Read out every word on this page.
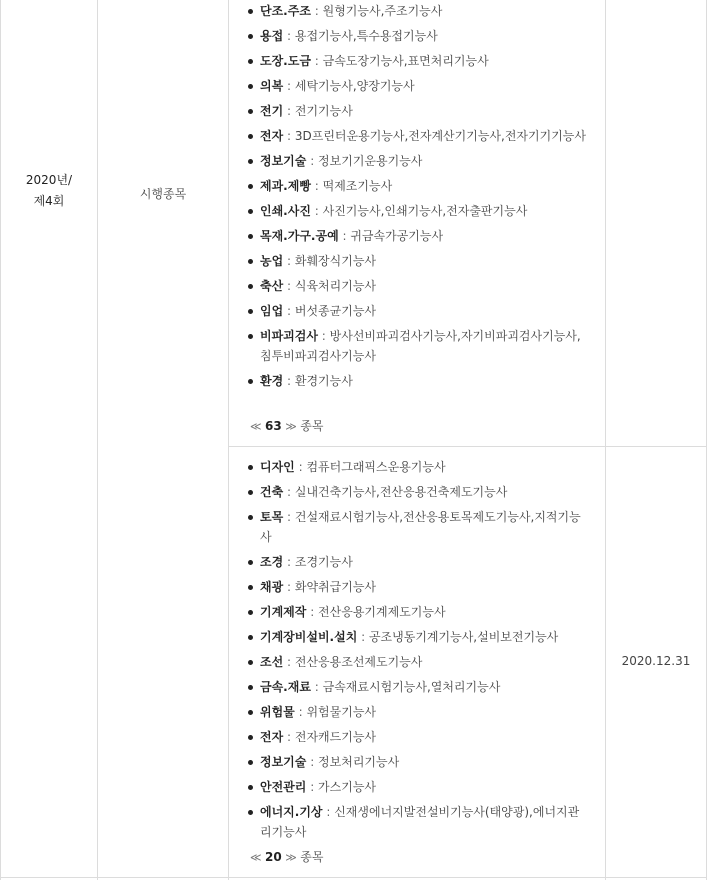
2020년/
제4회	시행종목
단조.주조 : 원형기능사,주조기능사
용접 : 용접기능사,특수용접기능사
도장.도금 : 금속도장기능사,표면처리기능사
의복 : 세탁기능사,양장기능사
전기 : 전기기능사
전자 : 3D프린터운용기능사,전자계산기기능사,전자기기기능사
정보기술 : 정보기기운용기능사
제과.제빵 : 떡제조기능사
인쇄.사진 : 사진기능사,인쇄기능사,전자출판기능사
목재.가구.공예 : 귀금속가공기능사
농업 : 화훼장식기능사
축산 : 식육처리기능사
임업 : 버섯종균기능사
비파괴검사 : 방사선비파괴검사기능사,자기비파괴검사기능사,침투비파괴검사기능사
환경 : 환경기능사
≪ 63 ≫ 종목
디자인 : 컴퓨터그래픽스운용기능사
건축 : 실내건축기능사,전산응용건축제도기능사
토목 : 건설재료시험기능사,전산응용토목제도기능사,지적기능사
조경 : 조경기능사
채광 : 화약취급기능사
기계제작 : 전산응용기계제도기능사
기계장비설비.설치 : 공조냉동기계기능사,설비보전기능사
조선 : 전산응용조선제도기능사
금속.재료 : 금속재료시험기능사,열처리기능사
위험물 : 위험물기능사
전자 : 전자캐드기능사
정보기술 : 정보처리기능사
안전관리 : 가스기능사
에너지.기상 : 신재생에너지발전설비기능사(태양광),에너지관리기능사
≪ 20 ≫ 종목
2020.12.31
